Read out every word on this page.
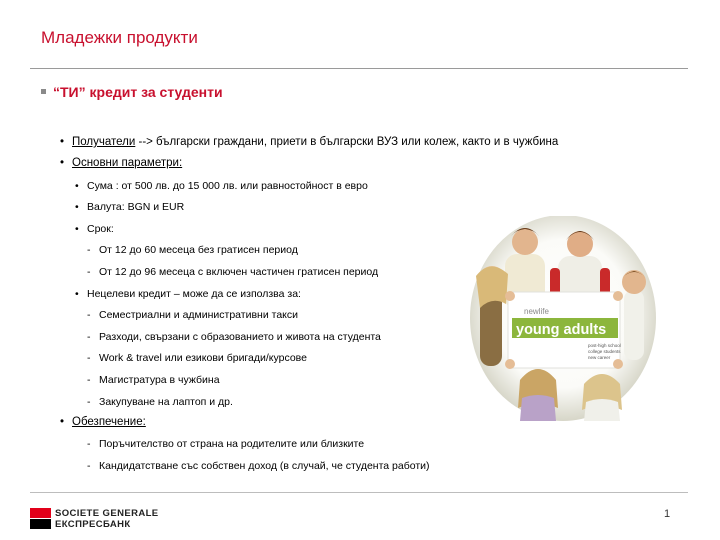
Младежки продукти
“ТИ” кредит за студенти
• Получатели --> български граждани, приети в български ВУЗ или колеж, както и в чужбина
• Основни параметри:
• Сума : от 500 лв. до 15 000 лв. или равностойност в евро
• Валута: BGN и EUR
• Срок:
- От 12 до 60 месеца без гратисен период
- От 12 до 96 месеца с включен частичен гратисен период
• Нецелеви кредит – може да се използва за:
- Семестриални и административни такси
- Разходи, свързани с образованието и живота на студента
- Work & travel или езикови бригади/курсове
- Магистратура в чужбина
- Закупуване на лаптоп и др.
• Обезпечение:
- Поръчителство от страна на родителите или близките
- Кандидатстване със собствен доход (в случай, че студента работи)
newlife
young adults
post-high school
college students
new career
SOCIETE GENERALE
ЕКСПРЕСБАНК
1
